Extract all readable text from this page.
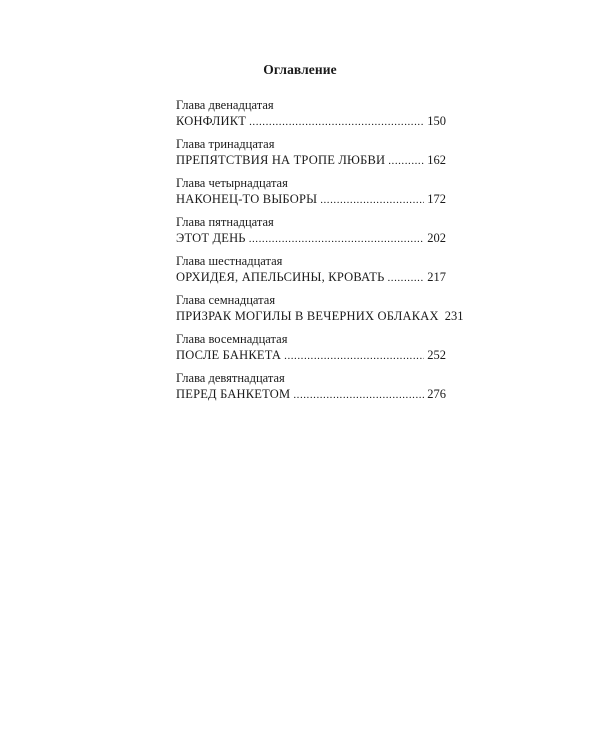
Оглавление
Глава двенадцатая
КОНФЛИКТ . . .	150
Глава тринадцатая
ПРЕПЯТСТВИЯ НА ТРОПЕ ЛЮБВИ . . .	162
Глава четырнадцатая
НАКОНЕЦ-ТО ВЫБОРЫ . . .	172
Глава пятнадцатая
ЭТОТ ДЕНЬ . . .	202
Глава шестнадцатая
ОРХИДЕЯ, АПЕЛЬСИНЫ, КРОВАТЬ . . .	217
Глава семнадцатая
ПРИЗРАК МОГИЛЫ В ВЕЧЕРНИХ ОБЛАКАХ 231
Глава восемнадцатая
ПОСЛЕ БАНКЕТА . . .	252
Глава девятнадцатая
ПЕРЕД БАНКЕТОМ . . .	276
